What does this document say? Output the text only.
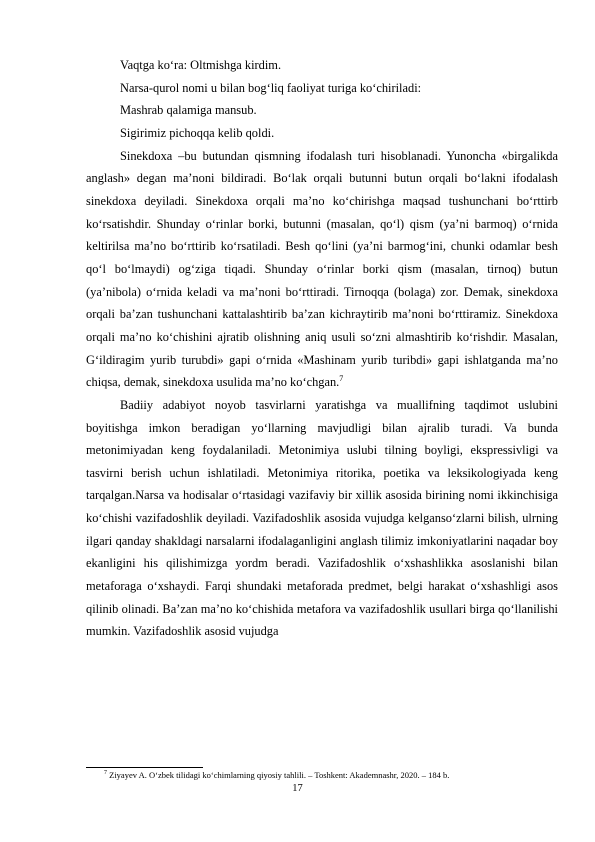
Vaqtga ko‘ra: Oltmishga kirdim.

Narsa-qurol nomi u bilan bog‘liq faoliyat turiga ko‘chiriladi:

Mashrab qalamiga mansub.

Sigirimiz pichoqqa kelib qoldi.

Sinekdoxa –bu butundan qismning ifodalash turi hisoblanadi. Yunoncha «birgalikda anglash» degan ma’noni bildiradi. Bo‘lak orqali butunni butun orqali bo‘lakni ifodalash sinekdoxa deyiladi. Sinekdoxa orqali ma’no ko‘chirishga maqsad tushunchani bo‘rttirb ko‘rsatishdir. Shunday o‘rinlar borki, butunni (masalan, qo‘l) qism (ya’ni barmoq) o‘rnida keltirilsa ma’no bo‘rttirib ko‘rsatiladi. Besh qo‘lini (ya’ni barmog‘ini, chunki odamlar besh qo‘l bo‘lmaydi) og‘ziga tiqadi. Shunday o‘rinlar borki qism (masalan, tirnoq) butun (ya’nibola) o‘rnida keladi va ma’noni bo‘rttiradi. Tirnoqqa (bolaga) zor. Demak, sinekdoxa orqali ba’zan tushunchani kattalashtirib ba’zan kichraytirib ma’noni bo‘rttiramiz. Sinekdoxa orqali ma’no ko‘chishini ajratib olishning aniq usuli so‘zni almashtirib ko‘rishdir. Masalan, G‘ildiragim yurib turubdi» gapi o‘rnida «Mashinam yurib turibdi» gapi ishlatganda ma’no chiqsa, demak, sinekdoxa usulida ma’no ko‘chgan.$^7$

Badiiy adabiyot noyob tasvirlarni yaratishga va muallifning taqdimot uslubini boyitishga imkon beradigan yo‘llarning mavjudligi bilan ajralib turadi. Va bunda metonimiyadan keng foydalaniladi. Metonimiya uslubi tilning boyligi, ekspressivligi va tasvirni berish uchun ishlatiladi. Metonimiya ritorika, poetika va leksikologiyada keng tarqalgan.Narsa va hodisalar o‘rtasidagi vazifaviy bir xillik asosida birining nomi ikkinchisiga ko‘chishi vazifadoshlik deyiladi. Vazifadoshlik asosida vujudga kelganso‘zlarni bilish, ulrning ilgari qanday shakldagi narsalarni ifodalaganligini anglash tilimiz imkoniyatlarini naqadar boy ekanligini his qilishimizga yordm beradi. Vazifadoshlik o‘xshashlikka asoslanishi bilan metaforaga o‘xshaydi. Farqi shundaki metaforada predmet, belgi harakat o‘xshashligi asos qilinib olinadi. Ba’zan ma’no ko‘chishida metafora va vazifadoshlik usullari birga qo‘llanilishi mumkin. Vazifadoshlik asosid vujudga

$^7$ Ziyayev A. O‘zbek tilidagi ko‘chimlarning qiyosiy tahlili. – Toshkent: Akademnashr, 2020. – 184 b.
17
